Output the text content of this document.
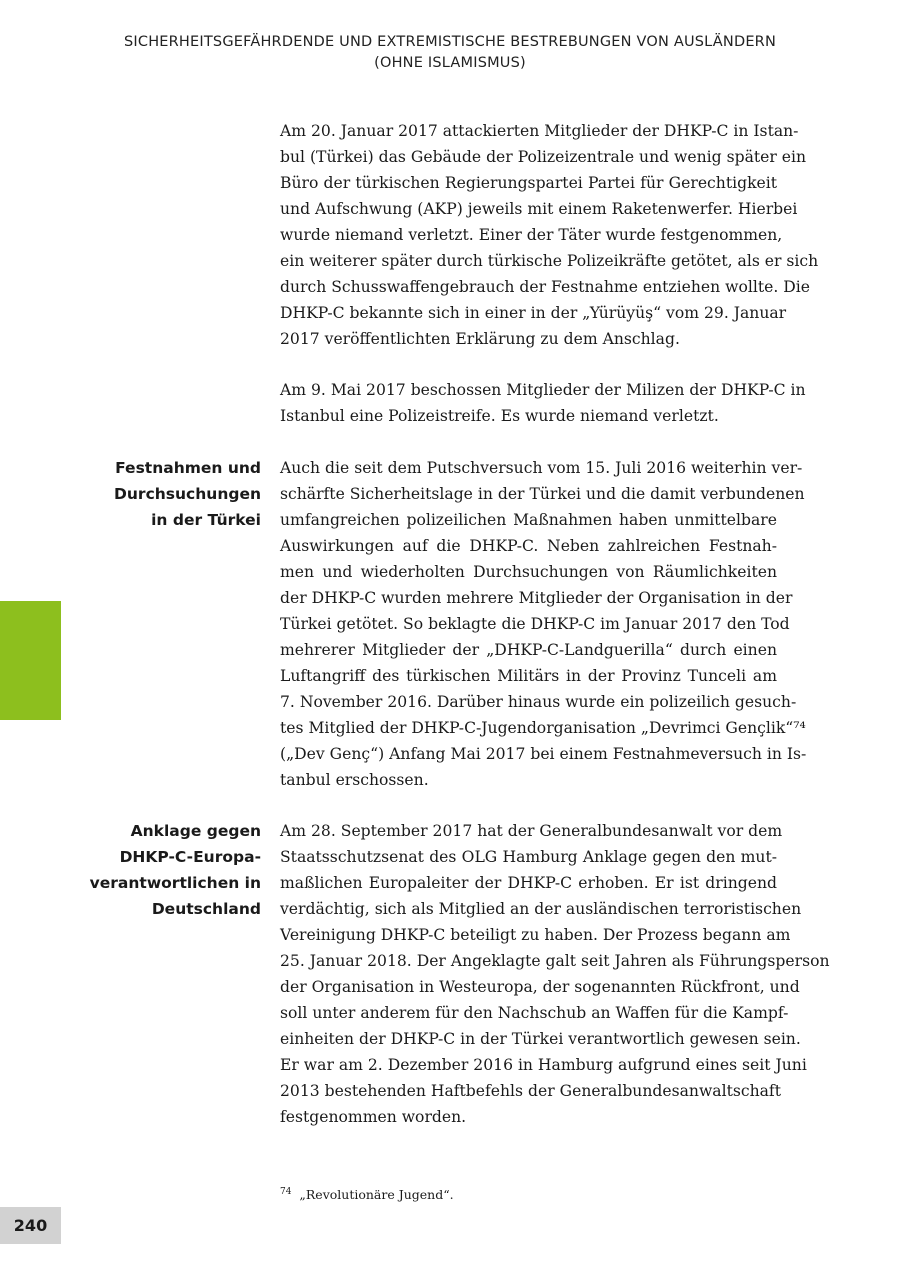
SICHERHEITSGEFÄHRDENDE UND EXTREMISTISCHE BESTREBUNGEN VON AUSLÄNDERN
(OHNE ISLAMISMUS)
Am 20. Januar 2017 attackierten Mitglieder der DHKP-C in Istan-
bul (Türkei) das Gebäude der Polizeizentrale und wenig später ein
Büro der türkischen Regierungspartei Partei für Gerechtigkeit
und Aufschwung (AKP) jeweils mit einem Raketenwerfer. Hierbei
wurde niemand verletzt. Einer der Täter wurde festgenommen,
ein weiterer später durch türkische Polizeikräfte getötet, als er sich
durch Schusswaffengebrauch der Festnahme entziehen wollte. Die
DHKP-C bekannte sich in einer in der „Yürüyüş“ vom 29. Januar
2017 veröffentlichten Erklärung zu dem Anschlag.
Am 9. Mai 2017 beschossen Mitglieder der Milizen der DHKP-C in
Istanbul eine Polizeistreife. Es wurde niemand verletzt.
Auch die seit dem Putschversuch vom 15. Juli 2016 weiterhin ver-
schärfte Sicherheitslage in der Türkei und die damit verbundenen
umfangreichen polizeilichen Maßnahmen haben unmittelbare
Auswirkungen auf die DHKP-C. Neben zahlreichen Festnah-
men und wiederholten Durchsuchungen von Räumlichkeiten
der DHKP-C wurden mehrere Mitglieder der Organisation in der
Türkei getötet. So beklagte die DHKP-C im Januar 2017 den Tod
mehrerer Mitglieder der „DHKP-C-Landguerilla“ durch einen
Luftangriff des türkischen Militärs in der Provinz Tunceli am
7. November 2016. Darüber hinaus wurde ein polizeilich gesuch-
tes Mitglied der DHKP-C-Jugendorganisation „Devrimci Gençlik“⁷⁴
(„Dev Genç“) Anfang Mai 2017 bei einem Festnahmeversuch in Is-
tanbul erschossen.
Am 28. September 2017 hat der Generalbundesanwalt vor dem
Staatsschutzsenat des OLG Hamburg Anklage gegen den mut-
maßlichen Europaleiter der DHKP-C erhoben. Er ist dringend
verdächtig, sich als Mitglied an der ausländischen terroristischen
Vereinigung DHKP-C beteiligt zu haben. Der Prozess begann am
25. Januar 2018. Der Angeklagte galt seit Jahren als Führungsperson
der Organisation in Westeuropa, der sogenannten Rückfront, und
soll unter anderem für den Nachschub an Waffen für die Kampf-
einheiten der DHKP-C in der Türkei verantwortlich gewesen sein.
Er war am 2. Dezember 2016 in Hamburg aufgrund eines seit Juni
2013 bestehenden Haftbefehls der Generalbundesanwaltschaft
festgenommen worden.
Festnahmen und
Durchsuchungen
in der Türkei
Anklage gegen
DHKP-C-Europa-
verantwortlichen in
Deutschland
$^{74}$ „Revolutionäre Jugend“.
240
